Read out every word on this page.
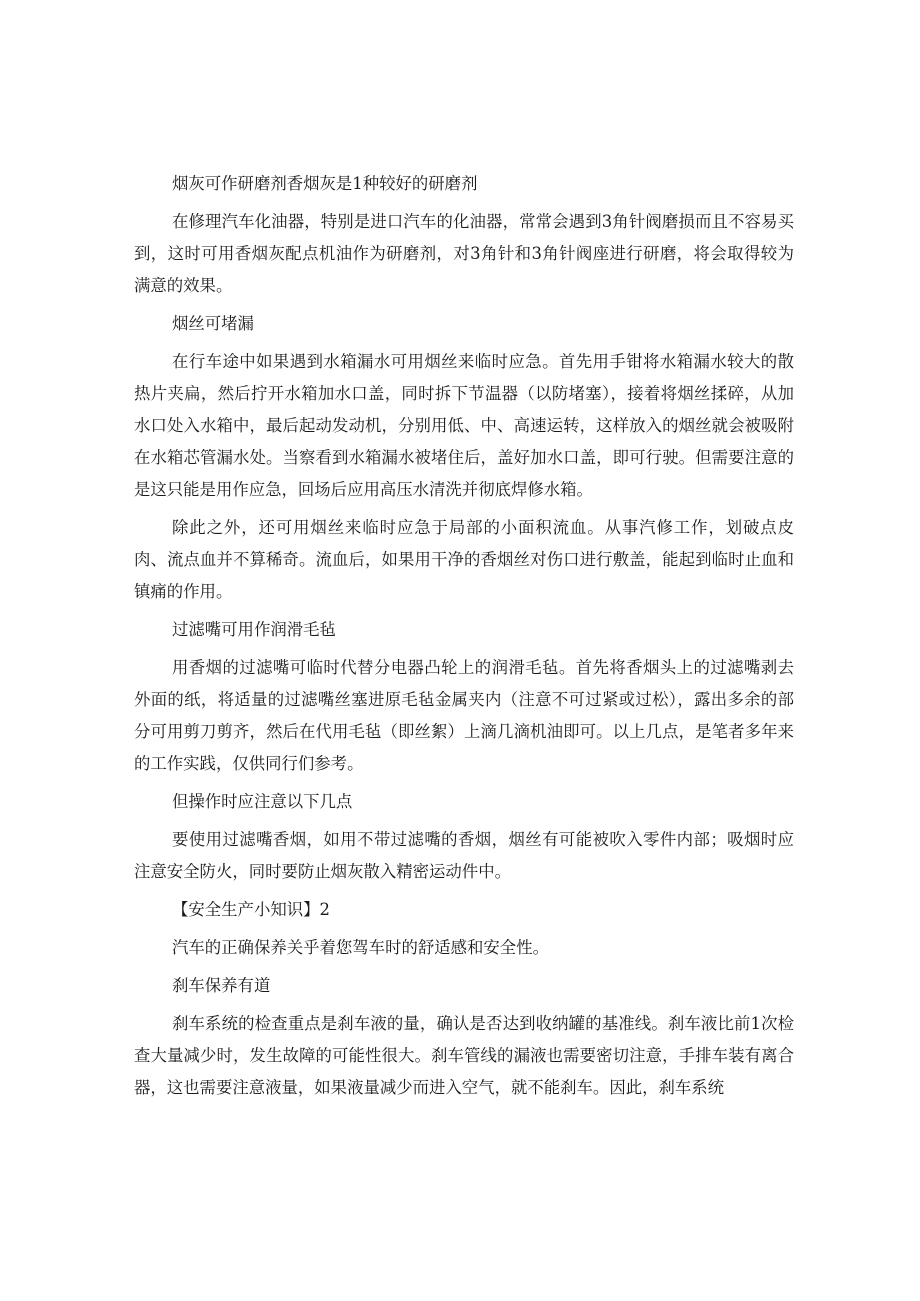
烟灰可作研磨剂香烟灰是1种较好的研磨剂

在修理汽车化油器，特别是进口汽车的化油器，常常会遇到3角针阀磨损而且不容易买到，这时可用香烟灰配点机油作为研磨剂，对3角针和3角针阀座进行研磨，将会取得较为满意的效果。

烟丝可堵漏

在行车途中如果遇到水箱漏水可用烟丝来临时应急。首先用手钳将水箱漏水较大的散热片夹扁，然后拧开水箱加水口盖，同时拆下节温器（以防堵塞），接着将烟丝揉碎，从加水口处入水箱中，最后起动发动机，分别用低、中、高速运转，这样放入的烟丝就会被吸附在水箱芯管漏水处。当察看到水箱漏水被堵住后，盖好加水口盖，即可行驶。但需要注意的是这只能是用作应急，回场后应用高压水清洗并彻底焊修水箱。

除此之外，还可用烟丝来临时应急于局部的小面积流血。从事汽修工作，划破点皮肉、流点血并不算稀奇。流血后，如果用干净的香烟丝对伤口进行敷盖，能起到临时止血和镇痛的作用。

过滤嘴可用作润滑毛毡

用香烟的过滤嘴可临时代替分电器凸轮上的润滑毛毡。首先将香烟头上的过滤嘴剥去外面的纸，将适量的过滤嘴丝塞进原毛毡金属夹内（注意不可过紧或过松），露出多余的部分可用剪刀剪齐，然后在代用毛毡（即丝絮）上滴几滴机油即可。以上几点，是笔者多年来的工作实践，仅供同行们参考。

但操作时应注意以下几点

要使用过滤嘴香烟，如用不带过滤嘴的香烟，烟丝有可能被吹入零件内部；吸烟时应注意安全防火，同时要防止烟灰散入精密运动件中。

【安全生产小知识】2

汽车的正确保养关乎着您驾车时的舒适感和安全性。

刹车保养有道

刹车系统的检查重点是刹车液的量，确认是否达到收纳罐的基准线。刹车液比前1次检查大量减少时，发生故障的可能性很大。刹车管线的漏液也需要密切注意，手排车装有离合器，这也需要注意液量，如果液量减少而进入空气，就不能刹车。因此，刹车系统
